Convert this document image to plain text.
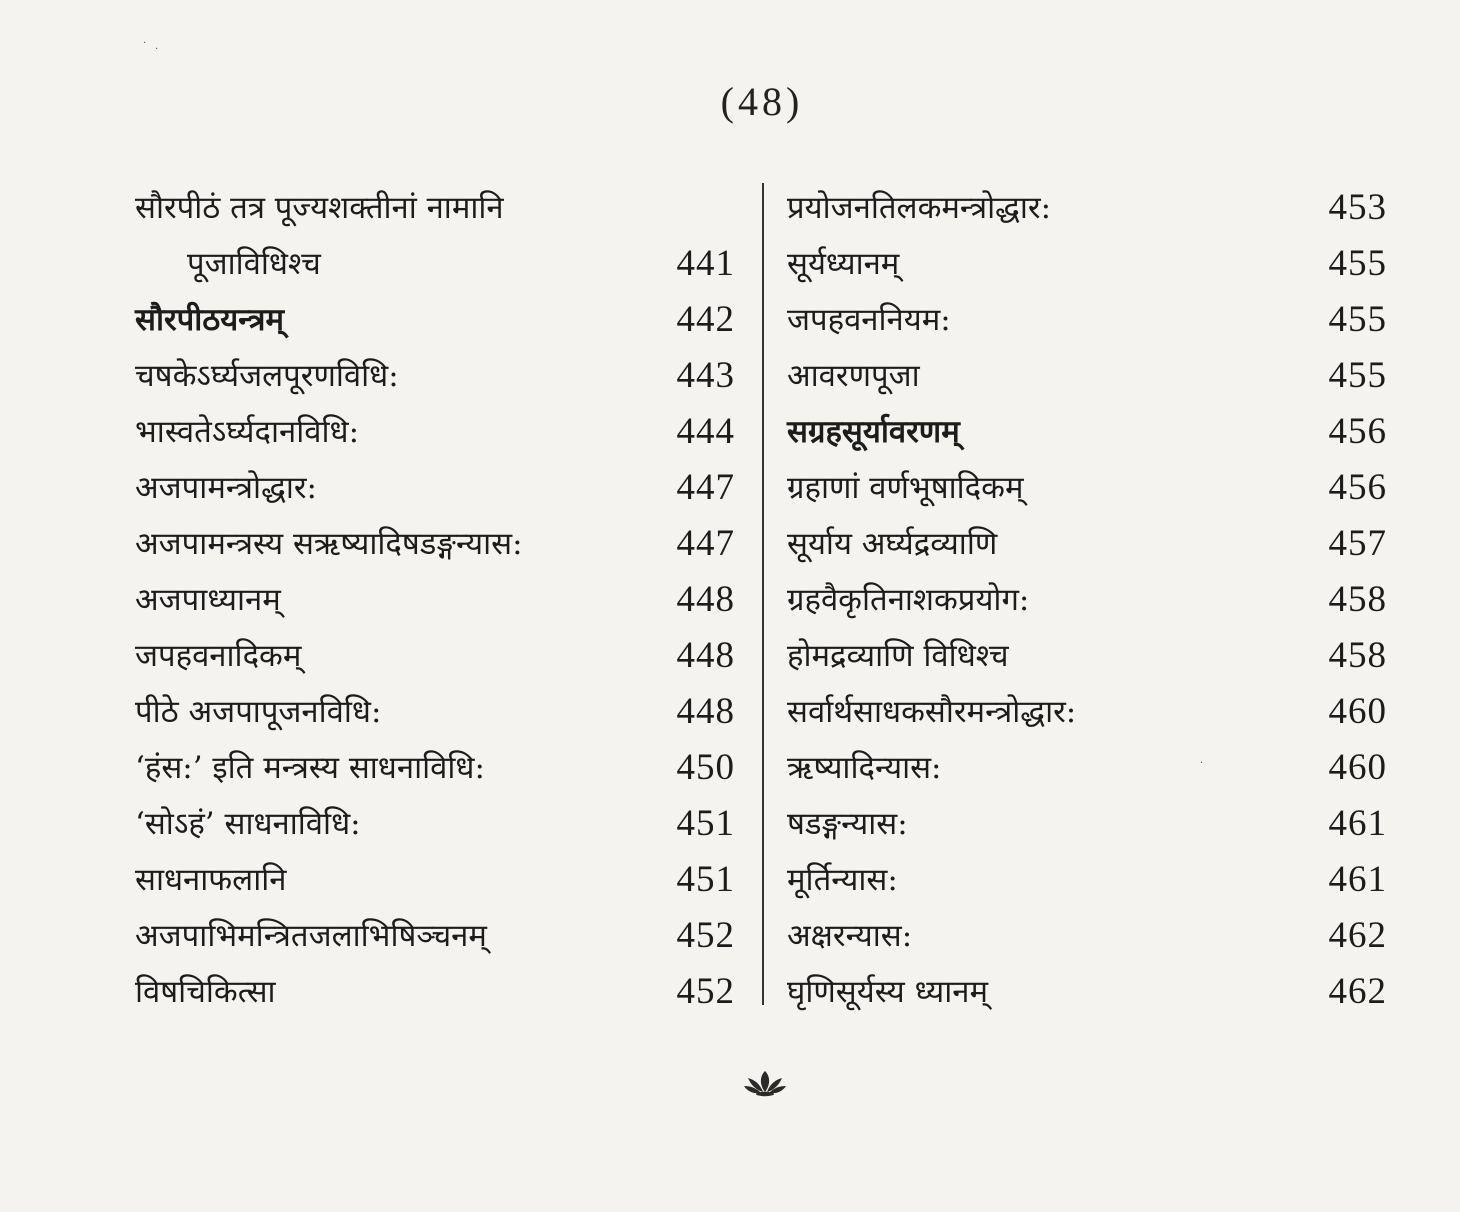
(48)
सौरपीठं तत्र पूज्यशक्तीनां नामानि
पूजाविधिश्च	441
सौरपीठयन्त्रम्	442
चषकेऽर्घ्यजलपूरणविधि:	443
भास्वतेऽर्घ्यदानविधि:	444
अजपामन्त्रोद्धार:	447
अजपामन्त्रस्य सऋष्यादिषडङ्गन्यास:	447
अजपाध्यानम्	448
जपहवनादिकम्	448
पीठे अजपापूजनविधि:	448
‘हंस:’ इति मन्त्रस्य साधनाविधि:	450
‘सोऽहं’ साधनाविधि:	451
साधनाफलानि	451
अजपाभिमन्त्रितजलाभिषिञ्चनम्	452
विषचिकित्सा	452
प्रयोजनतिलकमन्त्रोद्धार:	453
सूर्यध्यानम्	455
जपहवननियम:	455
आवरणपूजा	455
सग्रहसूर्यावरणम्	456
ग्रहाणां वर्णभूषादिकम्	456
सूर्याय अर्घ्यद्रव्याणि	457
ग्रहवैकृतिनाशकप्रयोग:	458
होमद्रव्याणि विधिश्च	458
सर्वार्थसाधकसौरमन्त्रोद्धार:	460
ऋष्यादिन्यास:	460
षडङ्गन्यास:	461
मूर्तिन्यास:	461
अक्षरन्यास:	462
घृणिसूर्यस्य ध्यानम्	462
·
·
·
